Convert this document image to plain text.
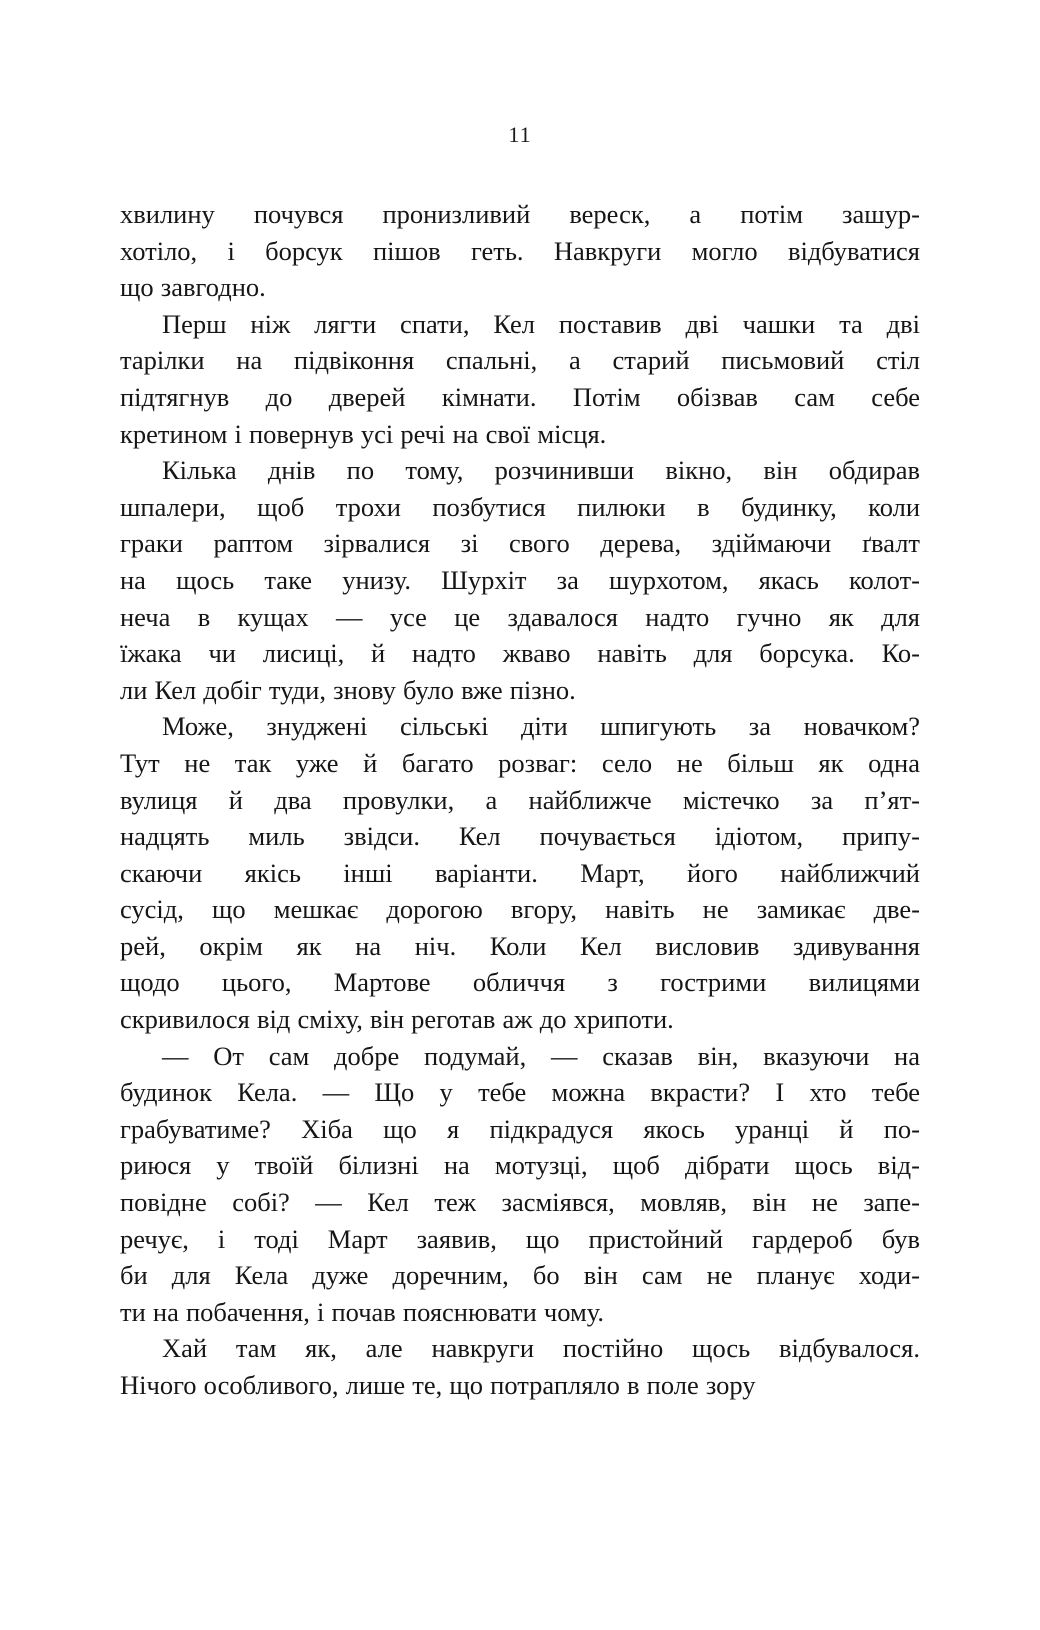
11
хвилину почувся пронизливий вереск, а потім зашур-
хотіло, і борсук пішов геть. Навкруги могло відбуватися
що завгодно.
Перш ніж лягти спати, Кел поставив дві чашки та дві
тарілки на підвіконня спальні, а старий письмовий стіл
підтягнув до дверей кімнати. Потім обізвав сам себе
кретином і повернув усі речі на свої місця.
Кілька днів по тому, розчинивши вікно, він обдирав
шпалери, щоб трохи позбутися пилюки в будинку, коли
граки раптом зірвалися зі свого дерева, здіймаючи ґвалт
на щось таке унизу. Шурхіт за шурхотом, якась колот-
неча в кущах — усе це здавалося надто гучно як для
їжака чи лисиці, й надто жваво навіть для борсука. Ко-
ли Кел добіг туди, знову було вже пізно.
Може, знуджені сільські діти шпигують за новачком?
Тут не так уже й багато розваг: село не більш як одна
вулиця й два провулки, а найближче містечко за п’ят-
надцять миль звідси. Кел почувається ідіотом, припу-
скаючи якісь інші варіанти. Март, його найближчий
сусід, що мешкає дорогою вгору, навіть не замикає две-
рей, окрім як на ніч. Коли Кел висловив здивування
щодо цього, Мартове обличчя з гострими вилицями
скривилося від сміху, він реготав аж до хрипоти.
— От сам добре подумай, — сказав він, вказуючи на
будинок Кела. — Що у тебе можна вкрасти? І хто тебе
грабуватиме? Хіба що я підкрадуся якось уранці й по-
риюся у твоїй білизні на мотузці, щоб дібрати щось від-
повідне собі? — Кел теж засміявся, мовляв, він не запе-
речує, і тоді Март заявив, що пристойний гардероб був
би для Кела дуже доречним, бо він сам не планує ходи-
ти на побачення, і почав пояснювати чому.
Хай там як, але навкруги постійно щось відбувалося.
Нічого особливого, лише те, що потрапляло в поле зору
